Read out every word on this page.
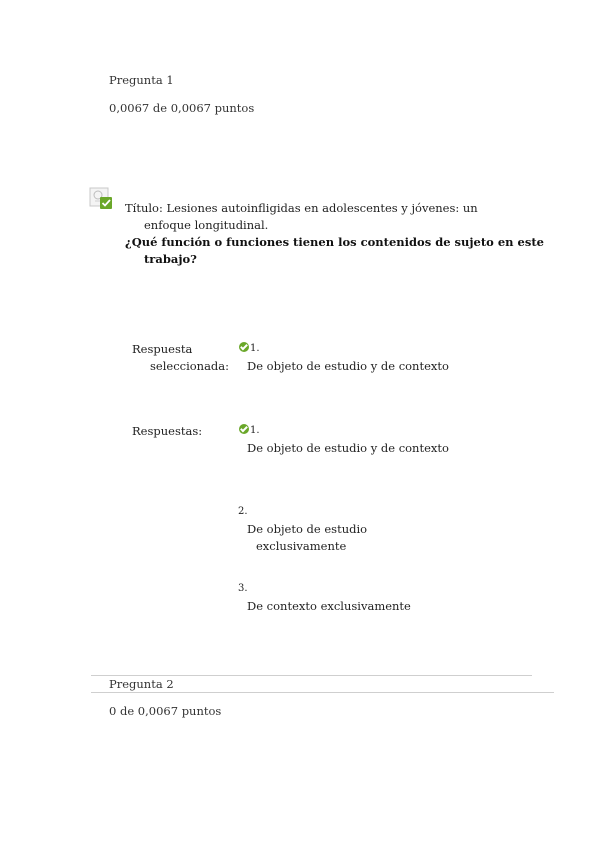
Pregunta 1
0,0067 de 0,0067 puntos
Título: Lesiones autoinfligidas en adolescentes y jóvenes: un
enfoque longitudinal.
¿Qué función o funciones tienen los contenidos de sujeto en este
trabajo?
Respuesta
seleccionada:
1.
De objeto de estudio y de contexto
Respuestas:	1.
De objeto de estudio y de contexto
2.
De objeto de estudio
exclusivamente
3.
De contexto exclusivamente
Pregunta 2
0 de 0,0067 puntos
